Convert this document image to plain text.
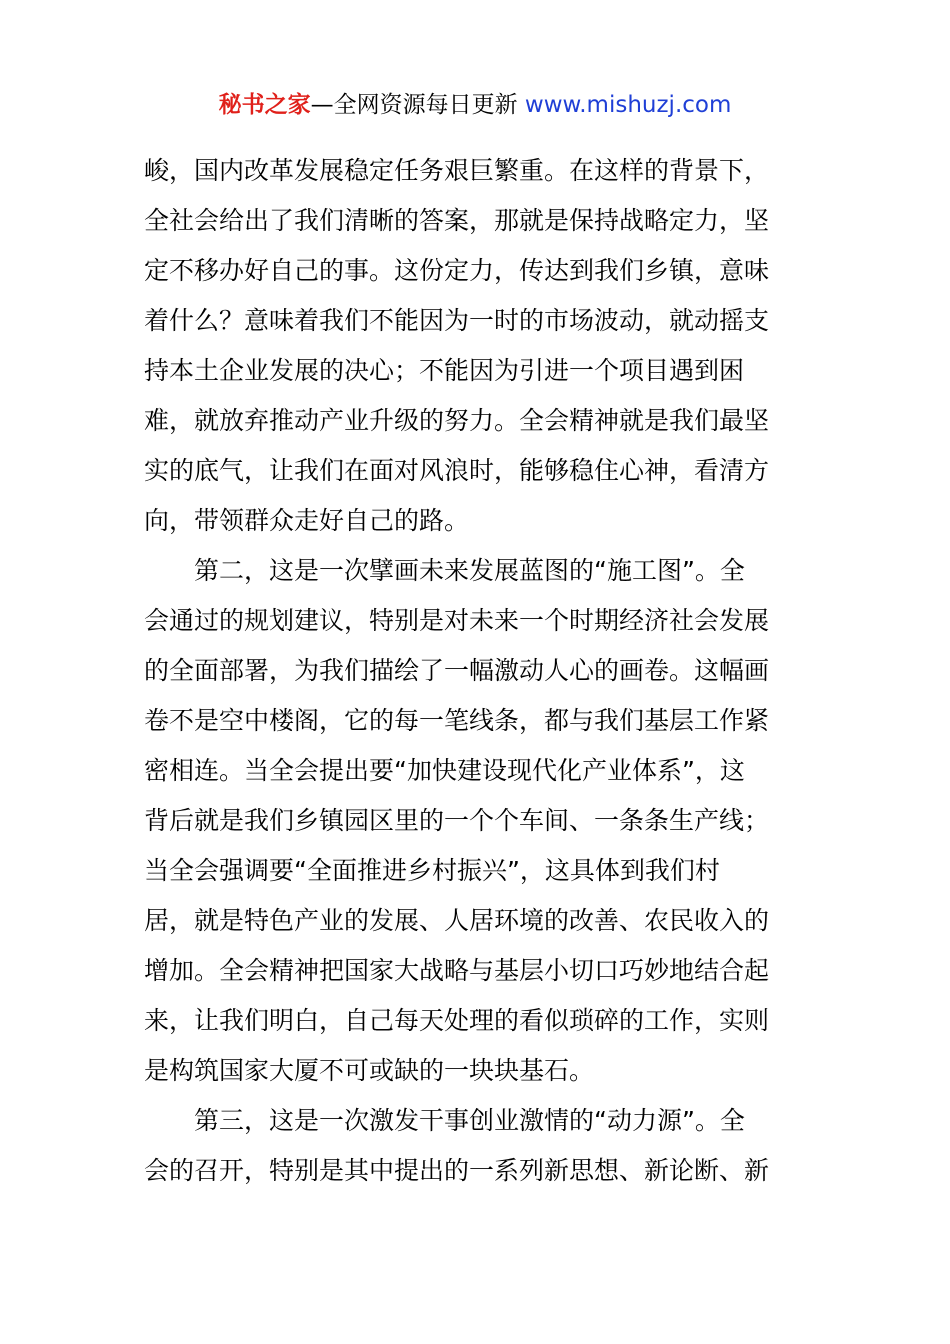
秘书之家—全网资源每日更新 www.mishuzj.com
峻，国内改革发展稳定任务艰巨繁重。在这样的背景下，
全社会给出了我们清晰的答案，那就是保持战略定力，坚
定不移办好自己的事。这份定力，传达到我们乡镇，意味
着什么？意味着我们不能因为一时的市场波动，就动摇支
持本土企业发展的决心；不能因为引进一个项目遇到困
难，就放弃推动产业升级的努力。全会精神就是我们最坚
实的底气，让我们在面对风浪时，能够稳住心神，看清方
向，带领群众走好自己的路。
第二，这是一次擘画未来发展蓝图的“施工图”。全
会通过的规划建议，特别是对未来一个时期经济社会发展
的全面部署，为我们描绘了一幅激动人心的画卷。这幅画
卷不是空中楼阁，它的每一笔线条，都与我们基层工作紧
密相连。当全会提出要“加快建设现代化产业体系”，这
背后就是我们乡镇园区里的一个个车间、一条条生产线；
当全会强调要“全面推进乡村振兴”，这具体到我们村
居，就是特色产业的发展、人居环境的改善、农民收入的
增加。全会精神把国家大战略与基层小切口巧妙地结合起
来，让我们明白，自己每天处理的看似琐碎的工作，实则
是构筑国家大厦不可或缺的一块块基石。
第三，这是一次激发干事创业激情的“动力源”。全
会的召开，特别是其中提出的一系列新思想、新论断、新
